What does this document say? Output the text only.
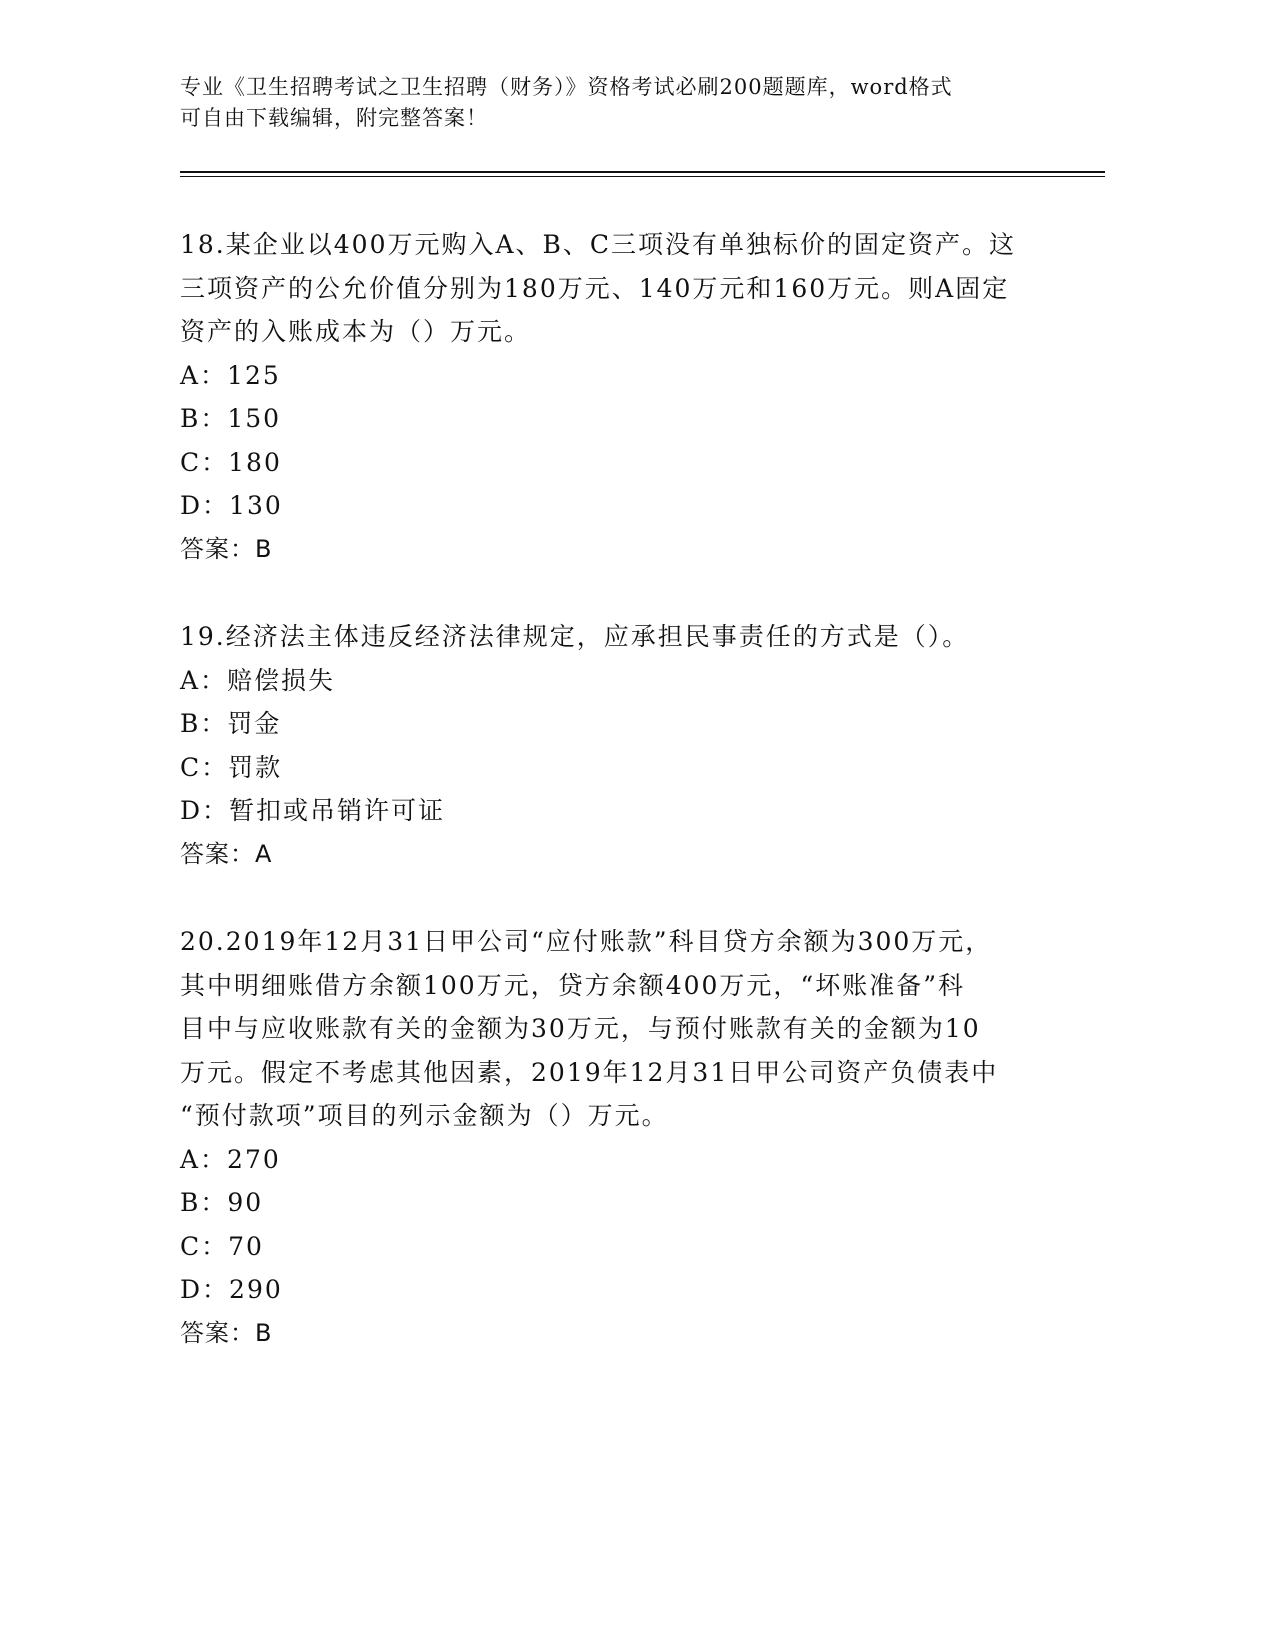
专业《卫生招聘考试之卫生招聘（财务）》资格考试必刷200题题库，word格式
可自由下载编辑，附完整答案！
18.某企业以400万元购入A、B、C三项没有单独标价的固定资产。这
三项资产的公允价值分别为180万元、140万元和160万元。则A固定
资产的入账成本为（）万元。
A：125
B：150
C：180
D：130
答案：B
19.经济法主体违反经济法律规定，应承担民事责任的方式是（）。
A：赔偿损失
B：罚金
C：罚款
D：暂扣或吊销许可证
答案：A
20.2019年12月31日甲公司“应付账款”科目贷方余额为300万元，
其中明细账借方余额100万元，贷方余额400万元，“坏账准备”科
目中与应收账款有关的金额为30万元，与预付账款有关的金额为10
万元。假定不考虑其他因素，2019年12月31日甲公司资产负债表中
“预付款项”项目的列示金额为（）万元。
A：270
B：90
C：70
D：290
答案：B
